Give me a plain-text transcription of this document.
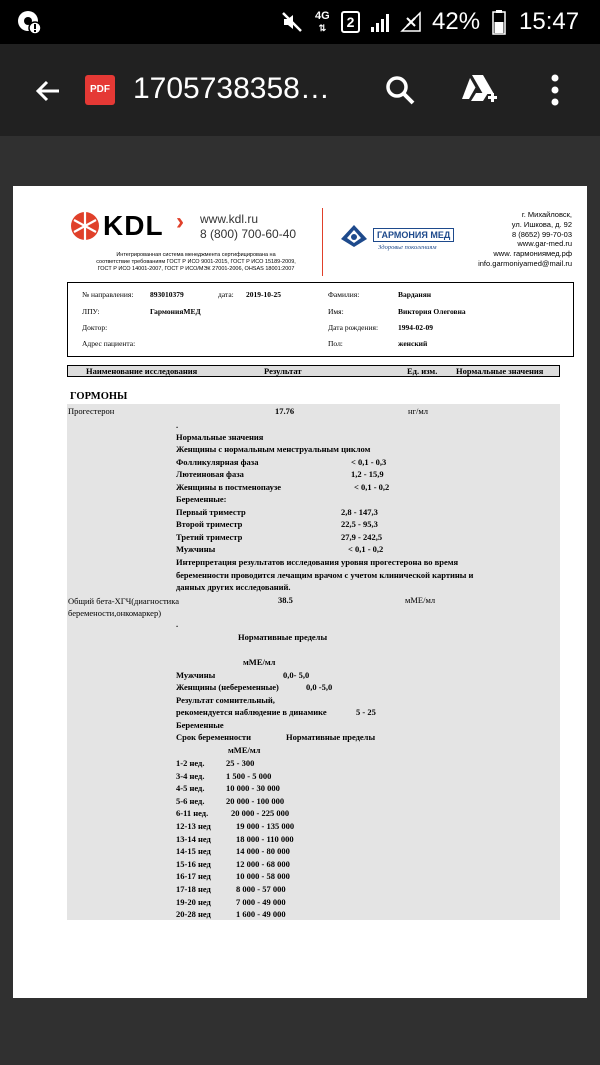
4G
⇅	2	42% 15:47
PDF 1705738358…
KDL › www.kdl.ru
8 (800) 700-60-40
Интегрированная система менеджмента сертифицирована на
соответствие требованиям ГОСТ Р ИСО 9001-2015, ГОСТ Р ИСО 15189-2009,
ГОСТ Р ИСО 14001-2007, ГОСТ Р ИСО/МЭК 27001-2006, OHSAS 18001:2007
ГАРМОНИЯ МЕД
Здоровье поколениям
г. Михайловск,
ул. Ишкова, д. 92
8 (8652) 99-70-03
www.gar-med.ru
www. гармониямед.рф
info.garmoniyamed@mail.ru
№ направления: 893010379	дата: 2019-10-25	Фамилия:	Варданян
ЛПУ:	ГармонияМЕД	Имя:	Виктория Олеговна
Доктор:	Дата рождения:	1994-02-09
Адрес пациента:	Пол:	женский
Наименование исследования	Результат	Ед. изм. Нормальные значения
ГОРМОНЫ
Прогестерон	17.76	нг/мл
.
Нормальные значения
Женщины с нормальным менструальным циклом
Фолликулярная фаза	< 0,1 - 0,3
Лютеиновая фаза	1,2 - 15,9
Женщины в постменопаузе	< 0,1 - 0,2
Беременные:
Первый триместр	2,8 - 147,3
Второй триместр	22,5 - 95,3
Третий триместр	27,9 - 242,5
Мужчины	< 0,1 - 0,2
Интерпретация результатов исследования уровня прогестерона во время
беременности проводится лечащим врачом с учетом клинической картины и
данных других исследований.
Общий бета-ХГЧ(диагностика
беремености,онкомаркер)
38.5	мМЕ/мл
.
Нормативные пределы
мМЕ/мл
Мужчины	0,0- 5,0
Женщины (небеременные)	0,0 -5,0
Результат сомнительный,
рекомендуется наблюдение в динамике	5 - 25
Беременные
Срок беременности	Нормативные пределы
мМЕ/мл
1-2 нед.	25 - 300
3-4 нед.	1 500 - 5 000
4-5 нед.	10 000 - 30 000
5-6 нед.	20 000 - 100 000
6-11 нед.	20 000 - 225 000
12-13 нед	19 000 - 135 000
13-14 нед	18 000 - 110 000
14-15 нед	14 000 - 80 000
15-16 нед	12 000 - 68 000
16-17 нед	10 000 - 58 000
17-18 нед	8 000 - 57 000
19-20 нед	7 000 - 49 000
20-28 нед	1 600 - 49 000
